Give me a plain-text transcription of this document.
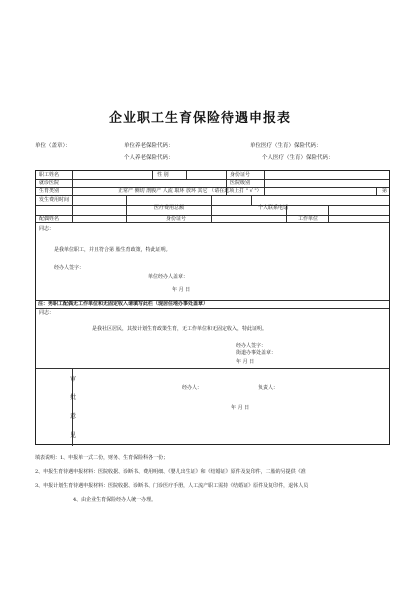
企业职工生育保险待遇申报表
单位（盖章）：	单位养老保险代码：	单位医疗（生育）保险代码：
个人养老保险代码：	个人医疗（生育）保险代码：
职工姓名	性 别	身份证号
就诊医院	医院级别
生育类别	正常产 侧切 剖腹产 人流 取环 放环 其它 （请在选项上打 " √ "）	第
发生费用时间
医疗费用总额	个人联系电话
配偶姓名	身份证号	工作单位
同志：
是我单位职工，并且符合第 胎生育政策，特此证明。
经办人签字：
单位经办人盖章：
年 月 日
注：男职工配偶无工作单位和无固定收入请填写此栏（现居住地办事处盖章）
同志：
是我社区居民，其按计划生育政策生育，无工作单位和无固定收入，特此证明。
经办人签字：
街道办事处盖章：
年 月 日
审
批
意
见
经办人：	负责人：
年 月 日
填表说明：1、申报单一式二份，财务、生育保险科各一份；
2、申报生育待遇申报材料：医院收据、诊断书、费用明细、《婴儿出生证》和《结婚证》原件及复印件，二胎的另提供《准
3、申报计划生育待遇申报材料：医院收据、诊断书、门诊医疗手册，人工流产职工需持《结婚证》原件及复印件，退休人员
4、由企业生育保险经办人统一办理。
